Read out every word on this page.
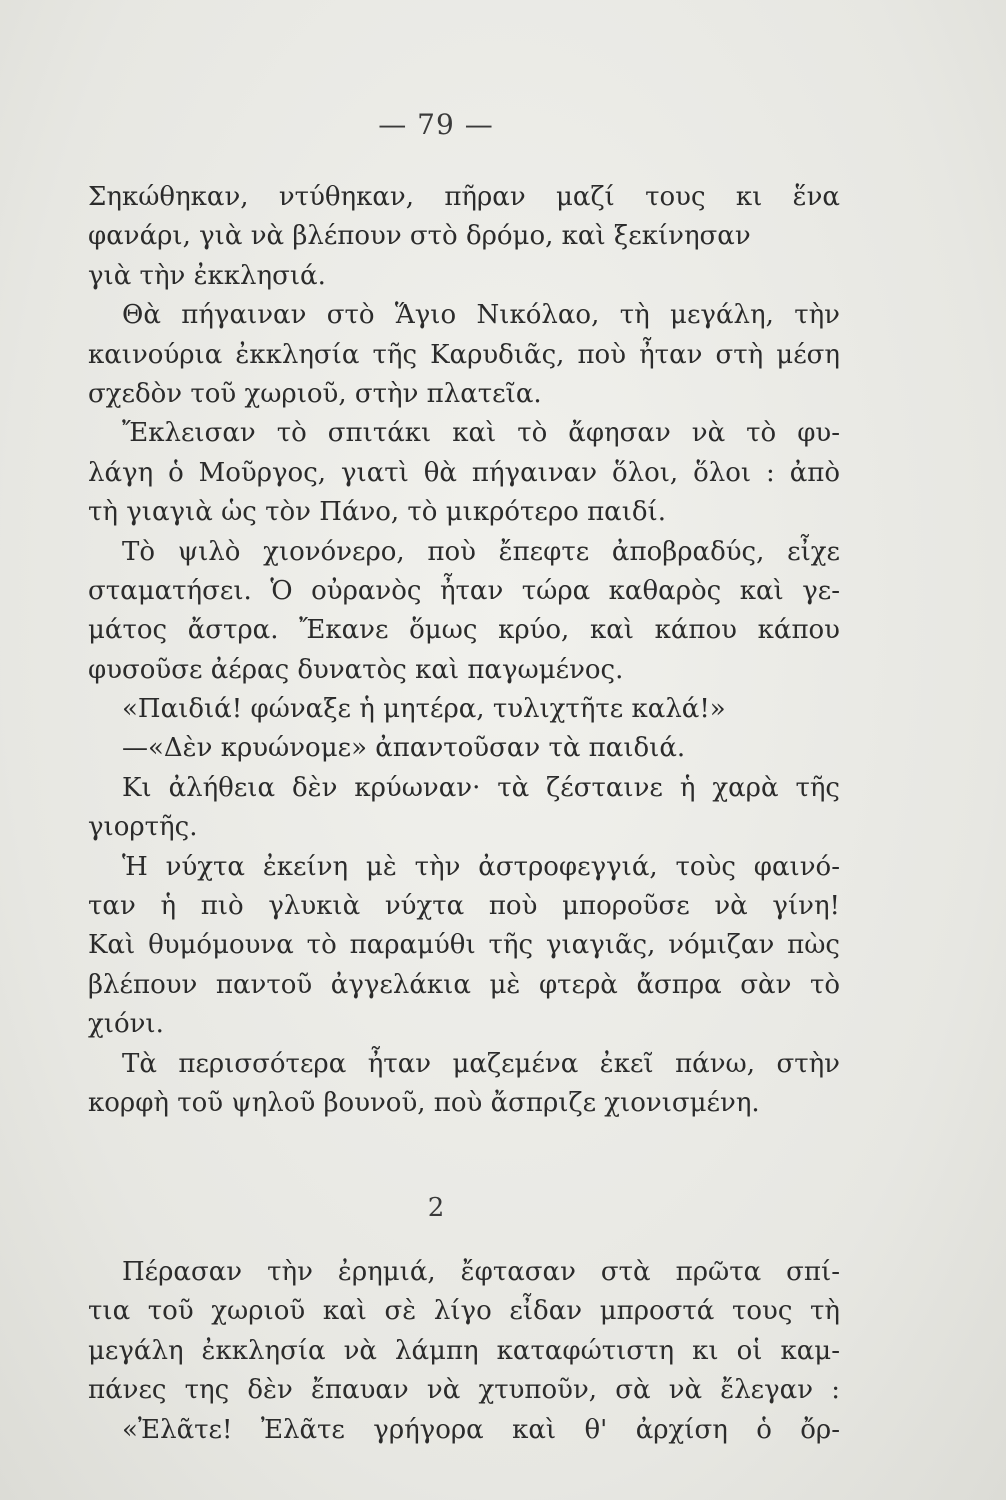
— 79 —
Σηκώθηκαν, ντύθηκαν, πῆραν μαζί τους κι ἕνα
φανάρι, γιὰ νὰ βλέπουν στὸ δρόμο, καὶ ξεκίνησαν
γιὰ τὴν ἐκκλησιά.
Θὰ πήγαιναν στὸ Ἅγιο Νικόλαο, τὴ μεγάλη, τὴν
καινούρια ἐκκλησία τῆς Καρυδιᾶς, ποὺ ἦταν στὴ μέση
σχεδὸν τοῦ χωριοῦ, στὴν πλατεῖα.
Ἔκλεισαν τὸ σπιτάκι καὶ τὸ ἄφησαν νὰ τὸ φυ-
λάγη ὁ Μοῦργος, γιατὶ θὰ πήγαιναν ὅλοι, ὅλοι : ἀπὸ
τὴ γιαγιὰ ὡς τὸν Πάνο, τὸ μικρότερο παιδί.
Τὸ ψιλὸ χιονόνερο, ποὺ ἔπεφτε ἀποβραδύς, εἶχε
σταματήσει. Ὁ οὐρανὸς ἦταν τώρα καθαρὸς καὶ γε-
μάτος ἄστρα. Ἔκανε ὅμως κρύο, καὶ κάπου κάπου
φυσοῦσε ἀέρας δυνατὸς καὶ παγωμένος.
«Παιδιά! φώναξε ἡ μητέρα, τυλιχτῆτε καλά!»
—«Δὲν κρυώνομε» ἀπαντοῦσαν τὰ παιδιά.
Κι ἀλήθεια δὲν κρύωναν· τὰ ζέσταινε ἡ χαρὰ τῆς
γιορτῆς.
Ἡ νύχτα ἐκείνη μὲ τὴν ἀστροφεγγιά, τοὺς φαινό-
ταν ἡ πιὸ γλυκιὰ νύχτα ποὺ μποροῦσε νὰ γίνη!
Καὶ θυμόμουνα τὸ παραμύθι τῆς γιαγιᾶς, νόμιζαν πὼς
βλέπουν παντοῦ ἀγγελάκια μὲ φτερὰ ἄσπρα σὰν τὸ
χιόνι.
Τὰ περισσότερα ἦταν μαζεμένα ἐκεῖ πάνω, στὴν
κορφὴ τοῦ ψηλοῦ βουνοῦ, ποὺ ἄσπριζε χιονισμένη.
2
Πέρασαν τὴν ἐρημιά, ἔφτασαν στὰ πρῶτα σπί-
τια τοῦ χωριοῦ καὶ σὲ λίγο εἶδαν μπροστά τους τὴ
μεγάλη ἐκκλησία νὰ λάμπη καταφώτιστη κι οἱ καμ-
πάνες της δὲν ἔπαυαν νὰ χτυποῦν, σὰ νὰ ἔλεγαν :
«Ἐλᾶτε! Ἐλᾶτε γρήγορα καὶ θ' ἀρχίση ὁ ὄρ-
